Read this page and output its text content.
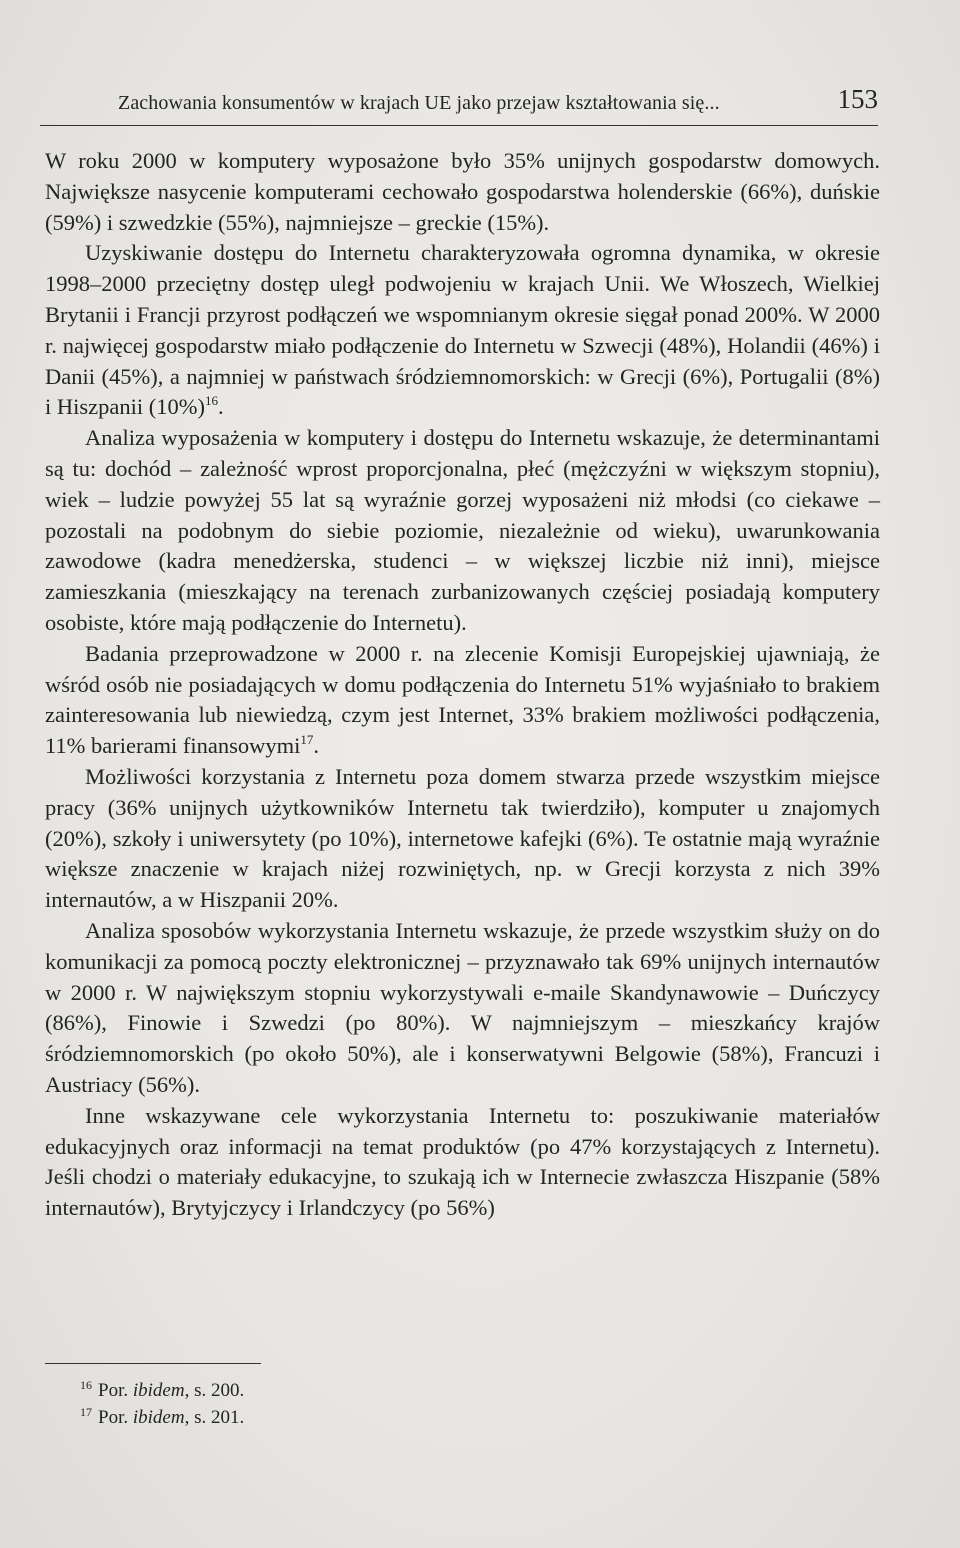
Zachowania konsumentów w krajach UE jako przejaw kształtowania się...	153

W roku 2000 w komputery wyposażone było 35% unijnych gospodarstw domowych. Największe nasycenie komputerami cechowało gospodarstwa holenderskie (66%), duńskie (59%) i szwedzkie (55%), najmniejsze – greckie (15%).

Uzyskiwanie dostępu do Internetu charakteryzowała ogromna dynamika, w okresie 1998–2000 przeciętny dostęp uległ podwojeniu w krajach Unii. We Włoszech, Wielkiej Brytanii i Francji przyrost podłączeń we wspomnianym okresie sięgał ponad 200%. W 2000 r. najwięcej gospodarstw miało podłączenie do Internetu w Szwecji (48%), Holandii (46%) i Danii (45%), a najmniej w państwach śródziemnomorskich: w Grecji (6%), Portugalii (8%) i Hiszpanii $(10\%)^{16}$.

Analiza wyposażenia w komputery i dostępu do Internetu wskazuje, że determinantami są tu: dochód – zależność wprost proporcjonalna, płeć (mężczyźni w większym stopniu), wiek – ludzie powyżej 55 lat są wyraźnie gorzej wyposażeni niż młodsi (co ciekawe – pozostali na podobnym do siebie poziomie, niezależnie od wieku), uwarunkowania zawodowe (kadra menedżerska, studenci – w większej liczbie niż inni), miejsce zamieszkania (mieszkający na terenach zurbanizowanych częściej posiadają komputery osobiste, które mają podłączenie do Internetu).

Badania przeprowadzone w 2000 r. na zlecenie Komisji Europejskiej ujawniają, że wśród osób nie posiadających w domu podłączenia do Internetu 51% wyjaśniało to brakiem zainteresowania lub niewiedzą, czym jest Internet, 33% brakiem możliwości podłączenia, 11% barierami finansowymi$^{17}$.

Możliwości korzystania z Internetu poza domem stwarza przede wszystkim miejsce pracy (36% unijnych użytkowników Internetu tak twierdziło), komputer u znajomych (20%), szkoły i uniwersytety (po 10%), internetowe kafejki (6%). Te ostatnie mają wyraźnie większe znaczenie w krajach niżej rozwiniętych, np. w Grecji korzysta z nich 39% internautów, a w Hiszpanii 20%.

Analiza sposobów wykorzystania Internetu wskazuje, że przede wszystkim służy on do komunikacji za pomocą poczty elektronicznej – przyznawało tak 69% unijnych internautów w 2000 r. W największym stopniu wykorzystywali e-maile Skandynawowie – Duńczycy (86%), Finowie i Szwedzi (po 80%). W najmniejszym – mieszkańcy krajów śródziemnomorskich (po około 50%), ale i konserwatywni Belgowie (58%), Francuzi i Austriacy (56%).

Inne wskazywane cele wykorzystania Internetu to: poszukiwanie materiałów edukacyjnych oraz informacji na temat produktów (po 47% korzystających z Internetu). Jeśli chodzi o materiały edukacyjne, to szukają ich w Internecie zwłaszcza Hiszpanie (58% internautów), Brytyjczycy i Irlandczycy (po 56%)

$^{16}$ Por. ibidem, s. 200.
$^{17}$ Por. ibidem, s. 201.
